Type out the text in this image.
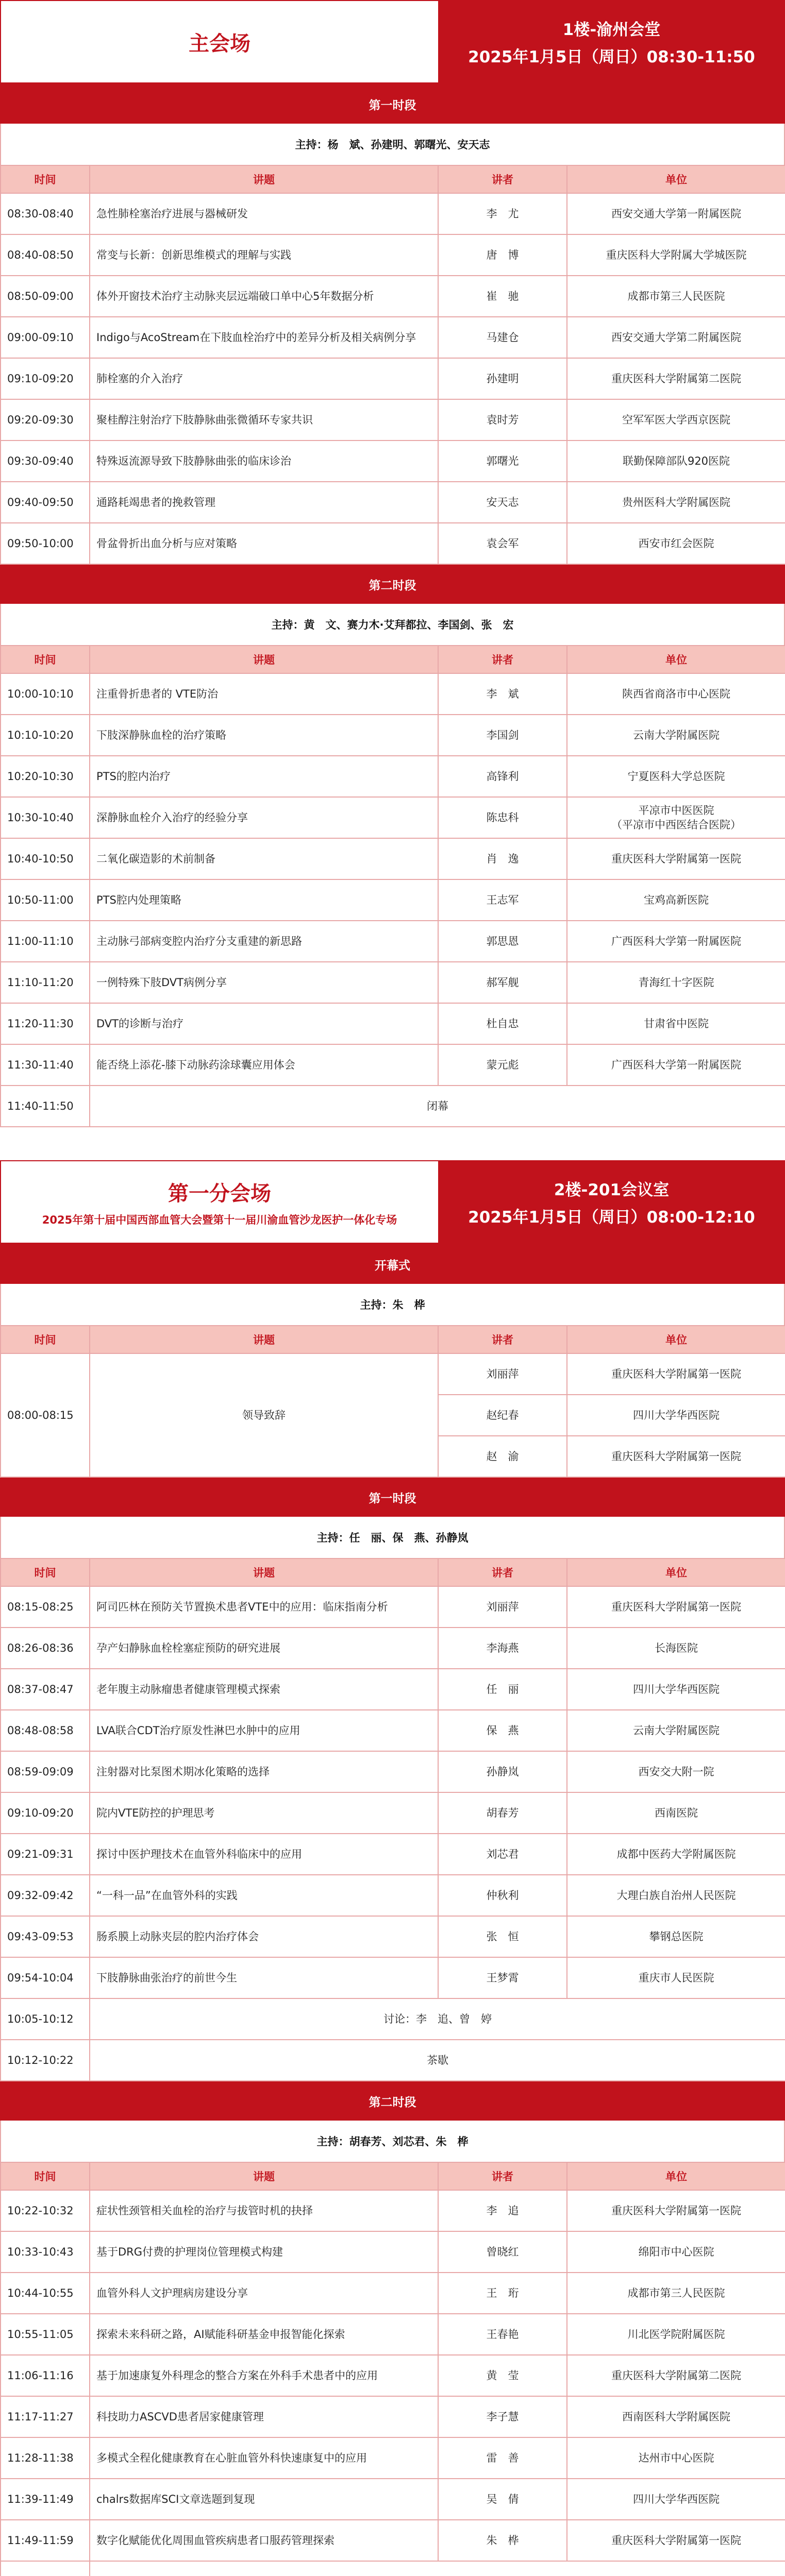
主会场
1楼-渝州会堂
2025年1月5日（周日）08:30-11:50
第一时段
主持：杨　斌、孙建明、郭曙光、安天志
时间	讲题	讲者	单位
08:30-08:40	急性肺栓塞治疗进展与器械研发	李　尤	西安交通大学第一附属医院
08:40-08:50	常变与长新：创新思维模式的理解与实践	唐　博	重庆医科大学附属大学城医院
08:50-09:00	体外开窗技术治疗主动脉夹层远端破口单中心5年数据分析	崔　驰	成都市第三人民医院
09:00-09:10	Indigo与AcoStream在下肢血栓治疗中的差异分析及相关病例分享	马建仓	西安交通大学第二附属医院
09:10-09:20	肺栓塞的介入治疗	孙建明	重庆医科大学附属第二医院
09:20-09:30	聚桂醇注射治疗下肢静脉曲张微循环专家共识	袁时芳	空军军医大学西京医院
09:30-09:40	特殊返流源导致下肢静脉曲张的临床诊治	郭曙光	联勤保障部队920医院
09:40-09:50	通路耗竭患者的挽救管理	安天志	贵州医科大学附属医院
09:50-10:00	骨盆骨折出血分析与应对策略	袁会军	西安市红会医院
第二时段
主持：黄　文、赛力木·艾拜都拉、李国剑、张　宏
时间	讲题	讲者	单位
10:00-10:10	注重骨折患者的 VTE防治	李　斌	陕西省商洛市中心医院
10:10-10:20	下肢深静脉血栓的治疗策略	李国剑	云南大学附属医院
10:20-10:30	PTS的腔内治疗	高锋利	宁夏医科大学总医院
10:30-10:40	深静脉血栓介入治疗的经验分享	陈忠科	平凉市中医医院
（平凉市中西医结合医院）
10:40-10:50	二氧化碳造影的术前制备	肖　逸	重庆医科大学附属第一医院
10:50-11:00	PTS腔内处理策略	王志军	宝鸡高新医院
11:00-11:10	主动脉弓部病变腔内治疗分支重建的新思路	郭思恩	广西医科大学第一附属医院
11:10-11:20	一例特殊下肢DVT病例分享	郝军舰	青海红十字医院
11:20-11:30	DVT的诊断与治疗	杜自忠	甘肃省中医院
11:30-11:40	能否绕上添花-膝下动脉药涂球囊应用体会	蒙元彪	广西医科大学第一附属医院
11:40-11:50	闭幕		
第一分会场
2025年第十届中国西部血管大会暨第十一届川渝血管沙龙医护一体化专场
2楼-201会议室
2025年1月5日（周日）08:00-12:10
开幕式
主持：朱　桦
时间	讲题	讲者	单位
08:00-08:15	领导致辞	刘丽萍	重庆医科大学附属第一医院
		赵纪春	四川大学华西医院
		赵　渝	重庆医科大学附属第一医院
第一时段
主持：任　丽、保　燕、孙静岚
时间	讲题	讲者	单位
08:15-08:25	阿司匹林在预防关节置换术患者VTE中的应用：临床指南分析	刘丽萍	重庆医科大学附属第一医院
08:26-08:36	孕产妇静脉血栓栓塞症预防的研究进展	李海燕	长海医院
08:37-08:47	老年腹主动脉瘤患者健康管理模式探索	任　丽	四川大学华西医院
08:48-08:58	LVA联合CDT治疗原发性淋巴水肿中的应用	保　燕	云南大学附属医院
08:59-09:09	注射器对比泵图术期冰化策略的选择	孙静岚	西安交大附一院
09:10-09:20	院内VTE防控的护理思考	胡春芳	西南医院
09:21-09:31	探讨中医护理技术在血管外科临床中的应用	刘芯君	成都中医药大学附属医院
09:32-09:42	“一科一品”在血管外科的实践	仲秋利	大理白族自治州人民医院
09:43-09:53	肠系膜上动脉夹层的腔内治疗体会	张　恒	攀钢总医院
09:54-10:04	下肢静脉曲张治疗的前世今生	王梦霄	重庆市人民医院
10:05-10:12	讨论：李　追、曾　婷		
10:12-10:22	茶歇		
第二时段
主持：胡春芳、刘芯君、朱　桦
时间	讲题	讲者	单位
10:22-10:32	症状性颈管相关血栓的治疗与拔管时机的抉择	李　追	重庆医科大学附属第一医院
10:33-10:43	基于DRG付费的护理岗位管理模式构建	曾晓红	绵阳市中心医院
10:44-10:55	血管外科人文护理病房建设分享	王　珩	成都市第三人民医院
10:55-11:05	探索未来科研之路，AI赋能科研基金申报智能化探索	王春艳	川北医学院附属医院
11:06-11:16	基于加速康复外科理念的整合方案在外科手术患者中的应用	黄　莹	重庆医科大学附属第二医院
11:17-11:27	科技助力ASCVD患者居家健康管理	李子慧	西南医科大学附属医院
11:28-11:38	多模式全程化健康教育在心脏血管外科快速康复中的应用	雷　善	达州市中心医院
11:39-11:49	chalrs数据库SCI文章选题到复现	吴　倩	四川大学华西医院
11:49-11:59	数字化赋能优化周围血管疾病患者口服药管理探索	朱　桦	重庆医科大学附属第一医院
